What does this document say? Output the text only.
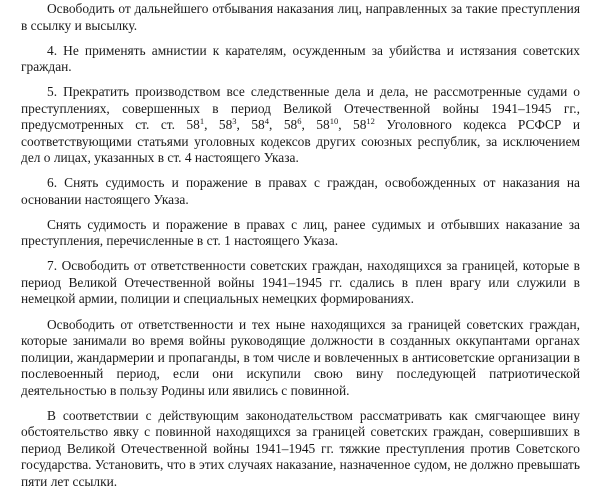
Освободить от дальнейшего отбывания наказания лиц, направленных за такие преступления в ссылку и высылку.

4. Не применять амнистии к карателям, осужденным за убийства и истязания советских граждан.

5. Прекратить производством все следственные дела и дела, не рассмотренные судами о преступлениях, совершенных в период Великой Отечественной войны 1941–1945 гг., предусмотренных ст. ст. $58^1$, $58^3$, $58^4$, $58^6$, $58^{10}$, $58^{12}$ Уголовного кодекса РСФСР и соответствующими статьями уголовных кодексов других союзных республик, за исключением дел о лицах, указанных в ст. 4 настоящего Указа.

6. Снять судимость и поражение в правах с граждан, освобожденных от наказания на основании настоящего Указа.

Снять судимость и поражение в правах с лиц, ранее судимых и отбывших наказание за преступления, перечисленные в ст. 1 настоящего Указа.

7. Освободить от ответственности советских граждан, находящихся за границей, которые в период Великой Отечественной войны 1941–1945 гг. сдались в плен врагу или служили в немецкой армии, полиции и специальных немецких формированиях.

Освободить от ответственности и тех ныне находящихся за границей советских граждан, которые занимали во время войны руководящие должности в созданных оккупантами органах полиции, жандармерии и пропаганды, в том числе и вовлеченных в антисоветские организации в послевоенный период, если они искупили свою вину последующей патриотической деятельностью в пользу Родины или явились с повинной.

В соответствии с действующим законодательством рассматривать как смягчающее вину обстоятельство явку с повинной находящихся за границей советских граждан, совершивших в период Великой Отечественной войны 1941–1945 гг. тяжкие преступления против Советского государства. Установить, что в этих случаях наказание, назначенное судом, не должно превышать пяти лет ссылки.
